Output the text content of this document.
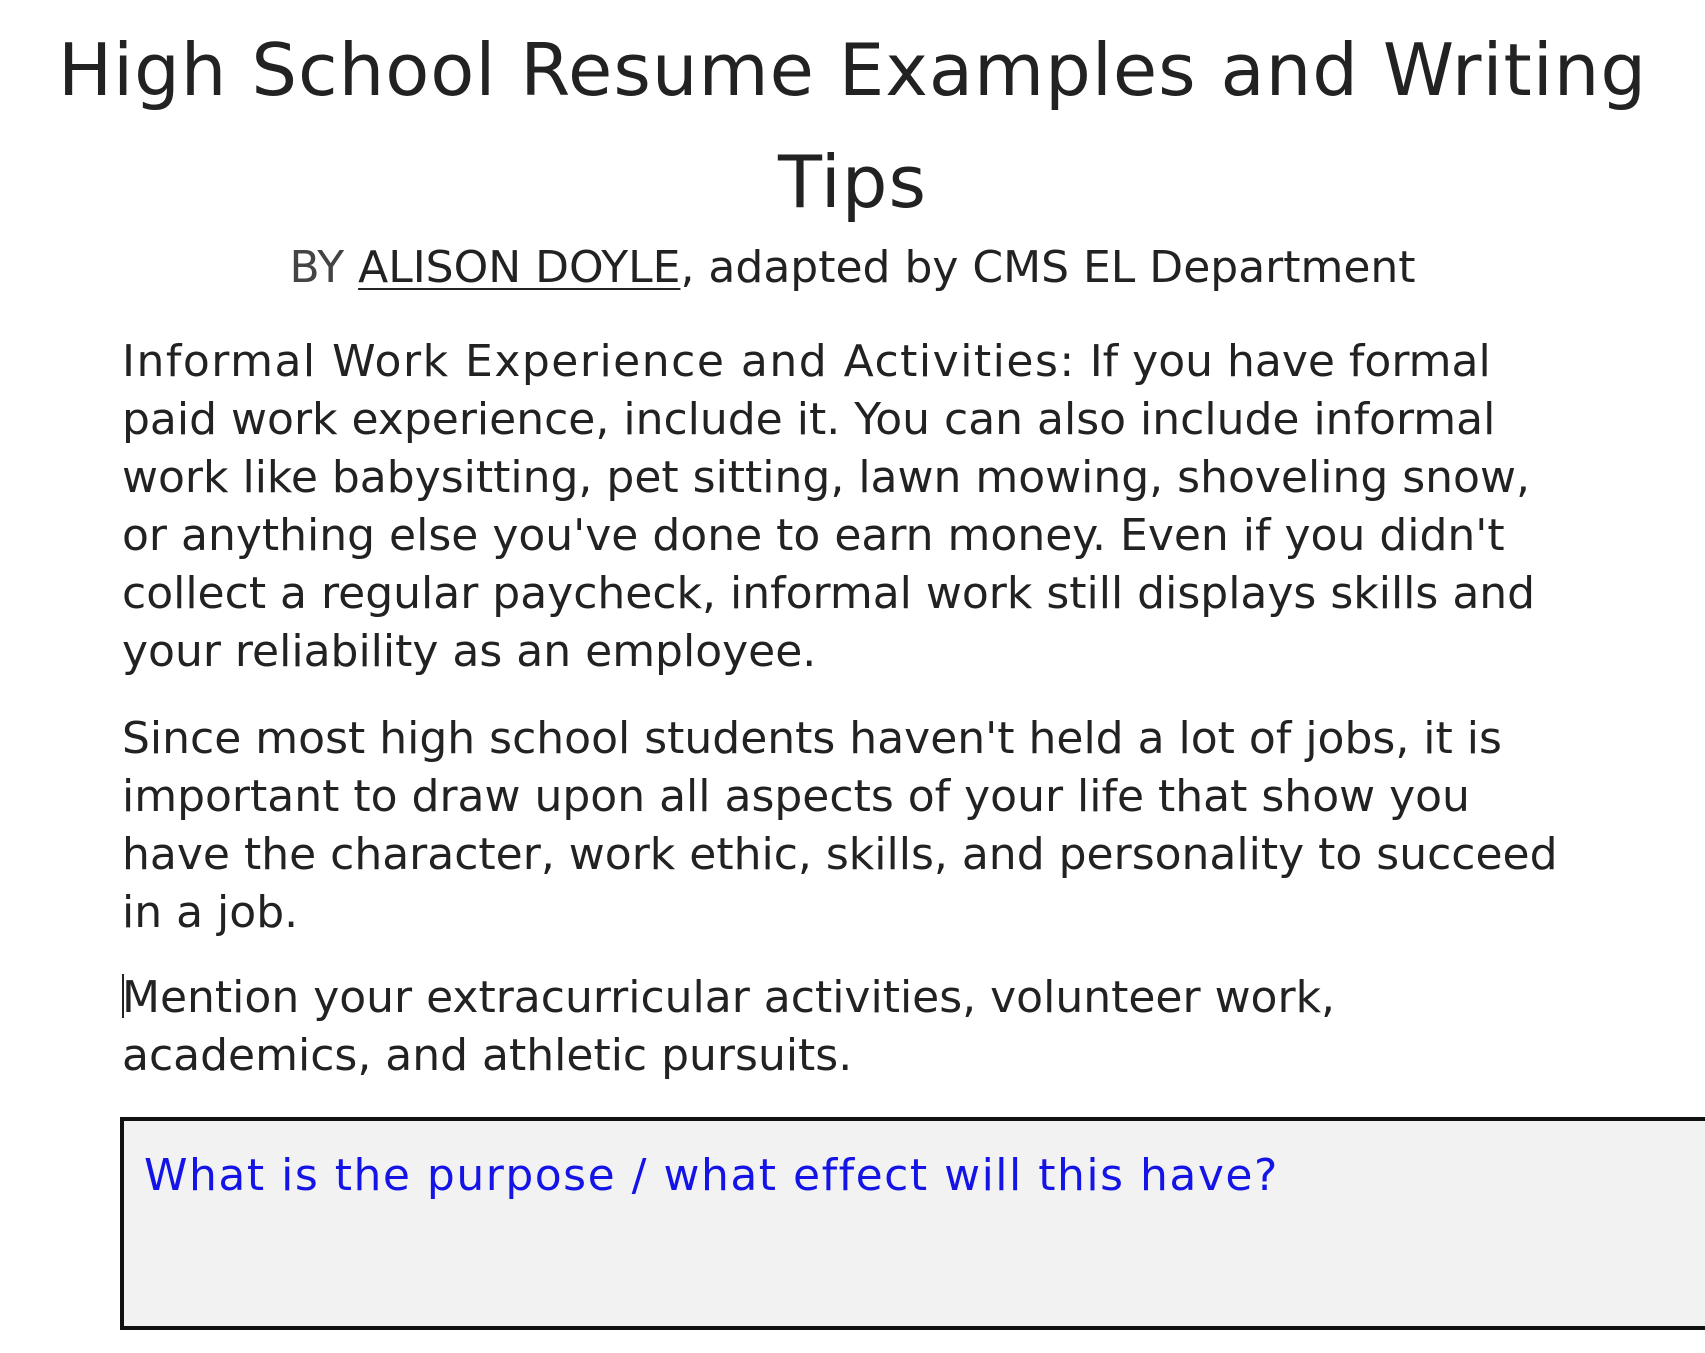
High School Resume Examples and Writing Tips
BY ALISON DOYLE, adapted by CMS EL Department

Informal Work Experience and Activities: If you have formal paid work experience, include it. You can also include informal work like babysitting, pet sitting, lawn mowing, shoveling snow, or anything else you've done to earn money. Even if you didn't collect a regular paycheck, informal work still displays skills and your reliability as an employee.

Since most high school students haven't held a lot of jobs, it is important to draw upon all aspects of your life that show you have the character, work ethic, skills, and personality to succeed in a job.

Mention your extracurricular activities, volunteer work, academics, and athletic pursuits.

What is the purpose / what effect will this have?
